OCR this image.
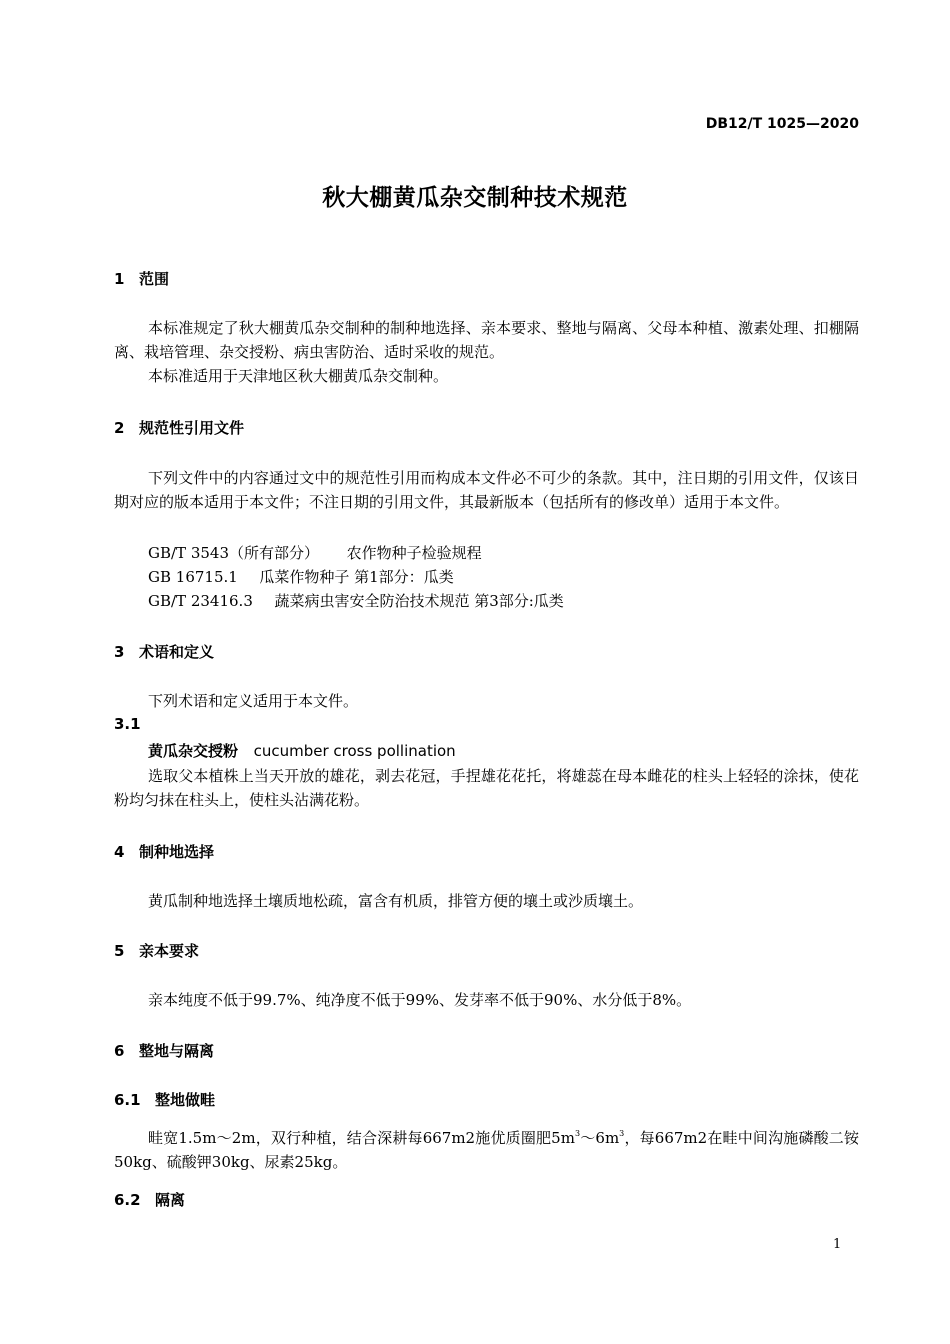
DB12/T 1025—2020
秋大棚黄瓜杂交制种技术规范
1 范围
本标准规定了秋大棚黄瓜杂交制种的制种地选择、亲本要求、整地与隔离、父母本种植、激素处理、扣棚隔离、栽培管理、杂交授粉、病虫害防治、适时采收的规范。
本标准适用于天津地区秋大棚黄瓜杂交制种。
2 规范性引用文件
下列文件中的内容通过文中的规范性引用而构成本文件必不可少的条款。其中，注日期的引用文件，仅该日期对应的版本适用于本文件；不注日期的引用文件，其最新版本（包括所有的修改单）适用于本文件。
GB/T 3543（所有部分） 农作物种子检验规程
GB 16715.1 瓜菜作物种子 第1部分：瓜类
GB/T 23416.3 蔬菜病虫害安全防治技术规范 第3部分:瓜类
3 术语和定义
下列术语和定义适用于本文件。
3.1
黄瓜杂交授粉 cucumber cross pollination
选取父本植株上当天开放的雄花，剥去花冠，手捏雄花花托，将雄蕊在母本雌花的柱头上轻轻的涂抹，使花粉均匀抹在柱头上，使柱头沾满花粉。
4 制种地选择
黄瓜制种地选择土壤质地松疏，富含有机质，排管方便的壤土或沙质壤土。
5 亲本要求
亲本纯度不低于99.7%、纯净度不低于99%、发芽率不低于90%、水分低于8%。
6 整地与隔离
6.1 整地做畦
畦宽1.5m～2m，双行种植，结合深耕每667m2施优质圈肥$5m^3\sim 6m^3$，每667m2在畦中间沟施磷酸二铵50kg、硫酸钾30kg、尿素25kg。
6.2 隔离
1
